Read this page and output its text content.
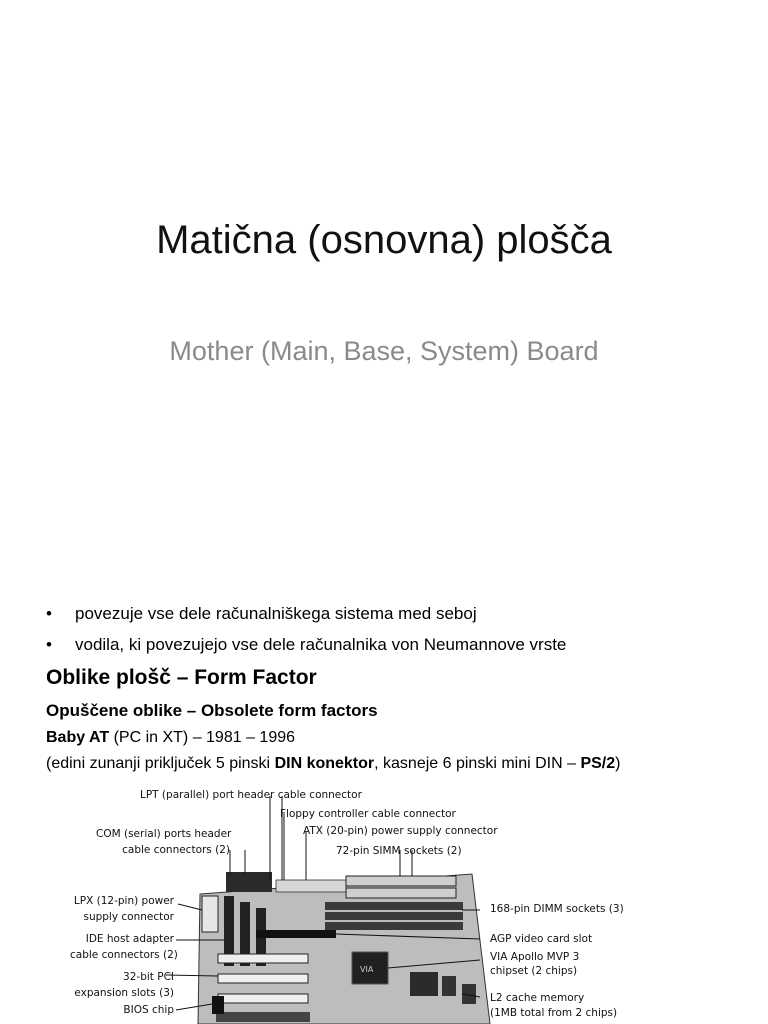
Matična (osnovna) plošča
Mother (Main, Base, System) Board
• povezuje vse dele računalniškega sistema med seboj
• vodila, ki povezujejo vse dele računalnika von Neumannove vrste
Oblike plošč – Form Factor
Opuščene oblike – Obsolete form factors
Baby AT (PC in XT) – 1981 – 1996
(edini zunanji priključek 5 pinski DIN konektor, kasneje 6 pinski mini DIN – PS/2)
VIA
LPT (parallel) port header cable connector
Floppy controller cable connector
COM (serial) ports header
cable connectors (2)
ATX (20-pin) power supply connector
72-pin SIMM sockets (2)
LPX (12-pin) power
supply connector
IDE host adapter
cable connectors (2)
32-bit PCI
expansion slots (3)
BIOS chip
168-pin DIMM sockets (3)
AGP video card slot
VIA Apollo MVP 3
chipset (2 chips)
L2 cache memory
(1MB total from 2 chips)
